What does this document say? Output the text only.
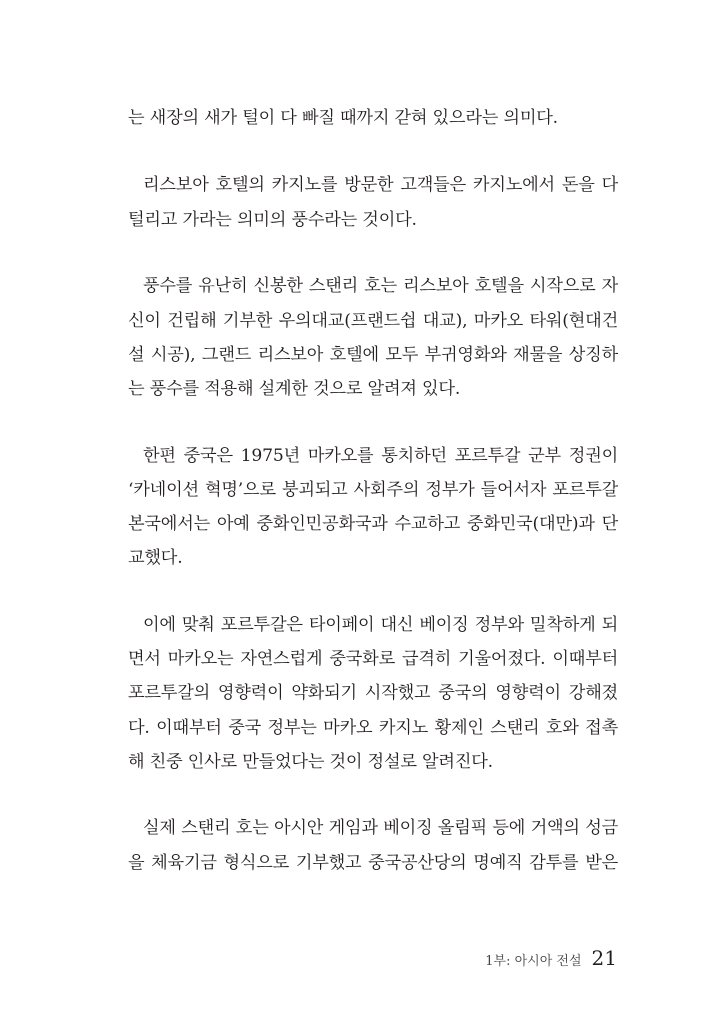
는 새장의 새가 털이 다 빠질 때까지 갇혀 있으라는 의미다.
리스보아 호텔의 카지노를 방문한 고객들은 카지노에서 돈을 다
털리고 가라는 의미의 풍수라는 것이다.
풍수를 유난히 신봉한 스탠리 호는 리스보아 호텔을 시작으로 자
신이 건립해 기부한 우의대교(프랜드쉽 대교), 마카오 타워(현대건
설 시공), 그랜드 리스보아 호텔에 모두 부귀영화와 재물을 상징하
는 풍수를 적용해 설계한 것으로 알려져 있다.
한편 중국은 1975년 마카오를 통치하던 포르투갈 군부 정권이
‘카네이션 혁명’으로 붕괴되고 사회주의 정부가 들어서자 포르투갈
본국에서는 아예 중화인민공화국과 수교하고 중화민국(대만)과 단
교했다.
이에 맞춰 포르투갈은 타이페이 대신 베이징 정부와 밀착하게 되
면서 마카오는 자연스럽게 중국화로 급격히 기울어졌다. 이때부터
포르투갈의 영향력이 약화되기 시작했고 중국의 영향력이 강해졌
다. 이때부터 중국 정부는 마카오 카지노 황제인 스탠리 호와 접촉
해 친중 인사로 만들었다는 것이 정설로 알려진다.
실제 스탠리 호는 아시안 게임과 베이징 올림픽 등에 거액의 성금
을 체육기금 형식으로 기부했고 중국공산당의 명예직 감투를 받은
1부: 아시아 전설 21
